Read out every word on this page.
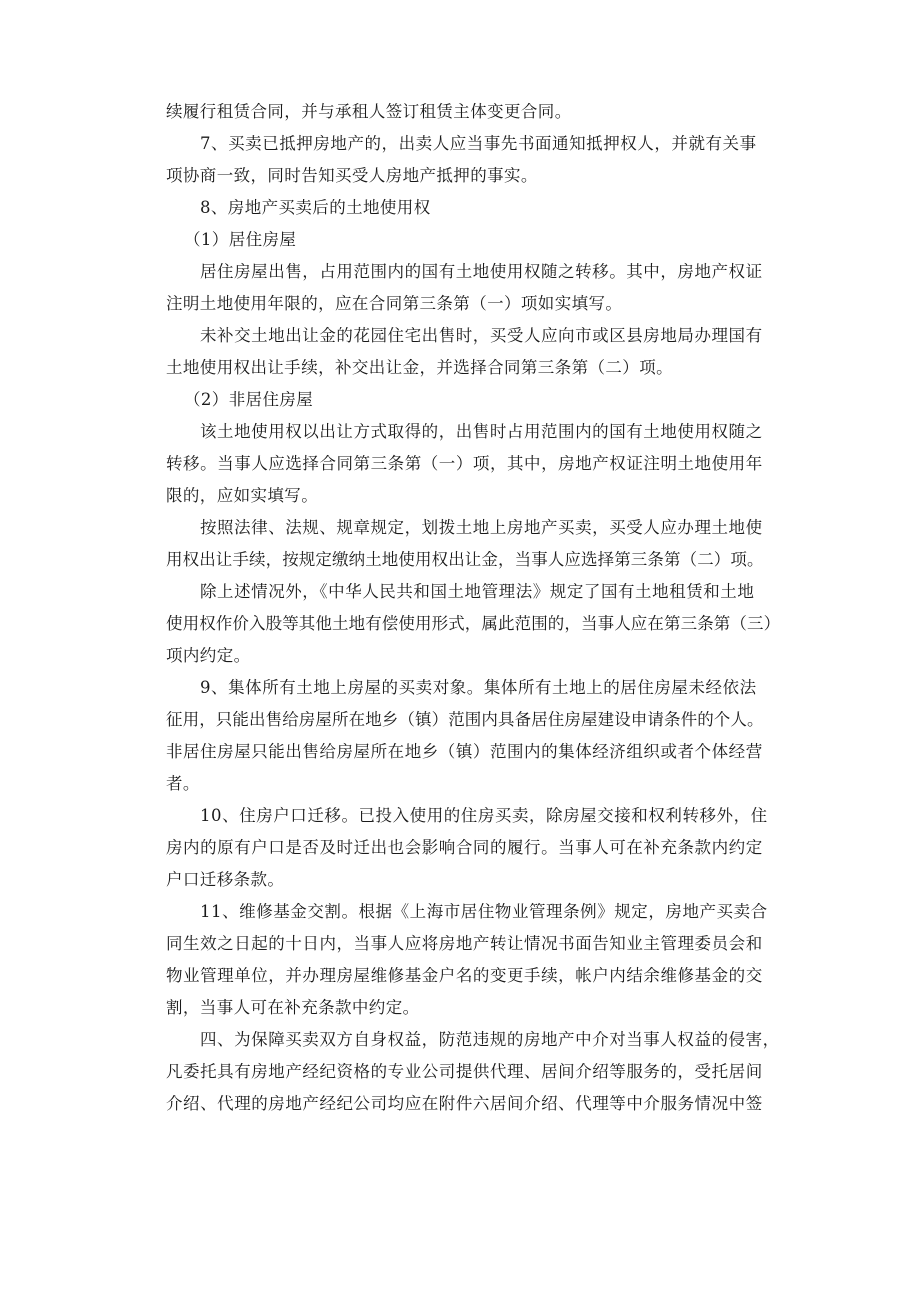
续履行租赁合同，并与承租人签订租赁主体变更合同。
7、买卖已抵押房地产的，出卖人应当事先书面通知抵押权人，并就有关事
项协商一致，同时告知买受人房地产抵押的事实。
8、房地产买卖后的土地使用权
（1）居住房屋
居住房屋出售，占用范围内的国有土地使用权随之转移。其中，房地产权证
注明土地使用年限的，应在合同第三条第（一）项如实填写。
未补交土地出让金的花园住宅出售时，买受人应向市或区县房地局办理国有
土地使用权出让手续，补交出让金，并选择合同第三条第（二）项。
（2）非居住房屋
该土地使用权以出让方式取得的，出售时占用范围内的国有土地使用权随之
转移。当事人应选择合同第三条第（一）项，其中，房地产权证注明土地使用年
限的，应如实填写。
按照法律、法规、规章规定，划拨土地上房地产买卖，买受人应办理土地使
用权出让手续，按规定缴纳土地使用权出让金，当事人应选择第三条第（二）项。
除上述情况外，《中华人民共和国土地管理法》规定了国有土地租赁和土地
使用权作价入股等其他土地有偿使用形式，属此范围的，当事人应在第三条第（三）
项内约定。
9、集体所有土地上房屋的买卖对象。集体所有土地上的居住房屋未经依法
征用，只能出售给房屋所在地乡（镇）范围内具备居住房屋建设申请条件的个人。
非居住房屋只能出售给房屋所在地乡（镇）范围内的集体经济组织或者个体经营
者。
10、住房户口迁移。已投入使用的住房买卖，除房屋交接和权利转移外，住
房内的原有户口是否及时迁出也会影响合同的履行。当事人可在补充条款内约定
户口迁移条款。
11、维修基金交割。根据《上海市居住物业管理条例》规定，房地产买卖合
同生效之日起的十日内，当事人应将房地产转让情况书面告知业主管理委员会和
物业管理单位，并办理房屋维修基金户名的变更手续，帐户内结余维修基金的交
割，当事人可在补充条款中约定。
四、为保障买卖双方自身权益，防范违规的房地产中介对当事人权益的侵害，
凡委托具有房地产经纪资格的专业公司提供代理、居间介绍等服务的，受托居间
介绍、代理的房地产经纪公司均应在附件六居间介绍、代理等中介服务情况中签
